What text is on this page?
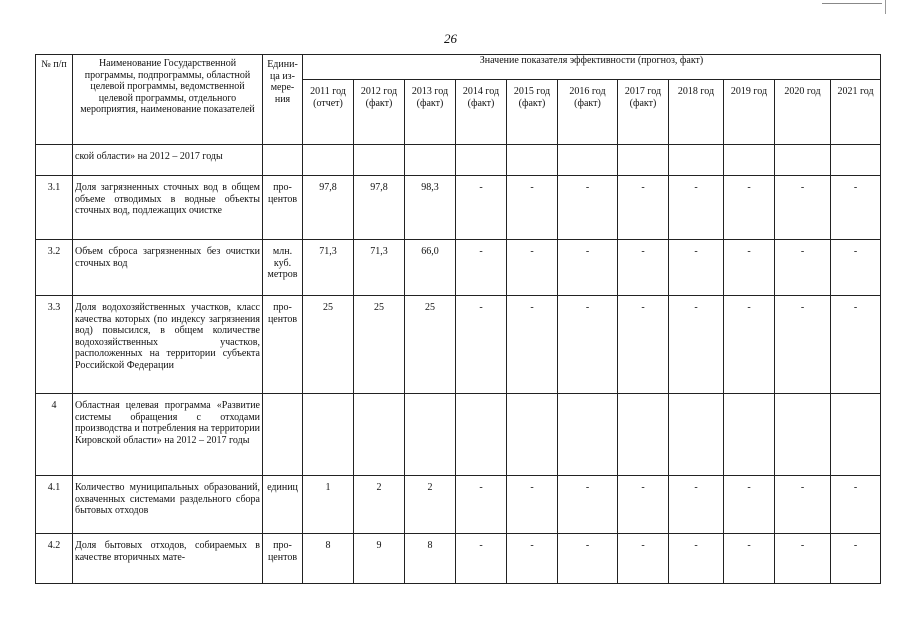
26
№ п/п	Наименование Государственной программы, подпрограммы, областной целевой программы, ведомственной целевой программы, отдельного мероприятия, наименование показателей	Едини-ца из-мере-ния	Значение показателя эффективности (прогноз, факт)										
			2011 год (отчет)	2012 год (факт)	2013 год (факт)	2014 год (факт)	2015 год (факт)	2016 год (факт)	2017 год (факт)	2018 год	2019 год	2020 год	2021 год
	ской области» на 2012 – 2017 годы												
3.1	Доля загрязненных сточных вод в общем объеме отводимых в водные объекты сточных вод, подлежащих очистке	про-центов	97,8	97,8	98,3	-	-	-	-	-	-	-	-
3.2	Объем сброса загрязненных без очистки сточных вод	млн. куб. метров	71,3	71,3	66,0	-	-	-	-	-	-	-	-
3.3	Доля водохозяйственных участков, класс качества которых (по индексу загрязнения вод) повысился, в общем количестве водохозяйственных участков, расположенных на территории субъекта Российской Федерации	про-центов	25	25	25	-	-	-	-	-	-	-	-
4	Областная целевая программа «Развитие системы обращения с отходами производства и потребления на территории Кировской области» на 2012 – 2017 годы												
4.1	Количество муниципальных образований, охваченных системами раздельного сбора бытовых отходов	единиц	1	2	2	-	-	-	-	-	-	-	-
4.2	Доля бытовых отходов, собираемых в качестве вторичных мате-	про-центов	8	9	8	-	-	-	-	-	-	-	-
